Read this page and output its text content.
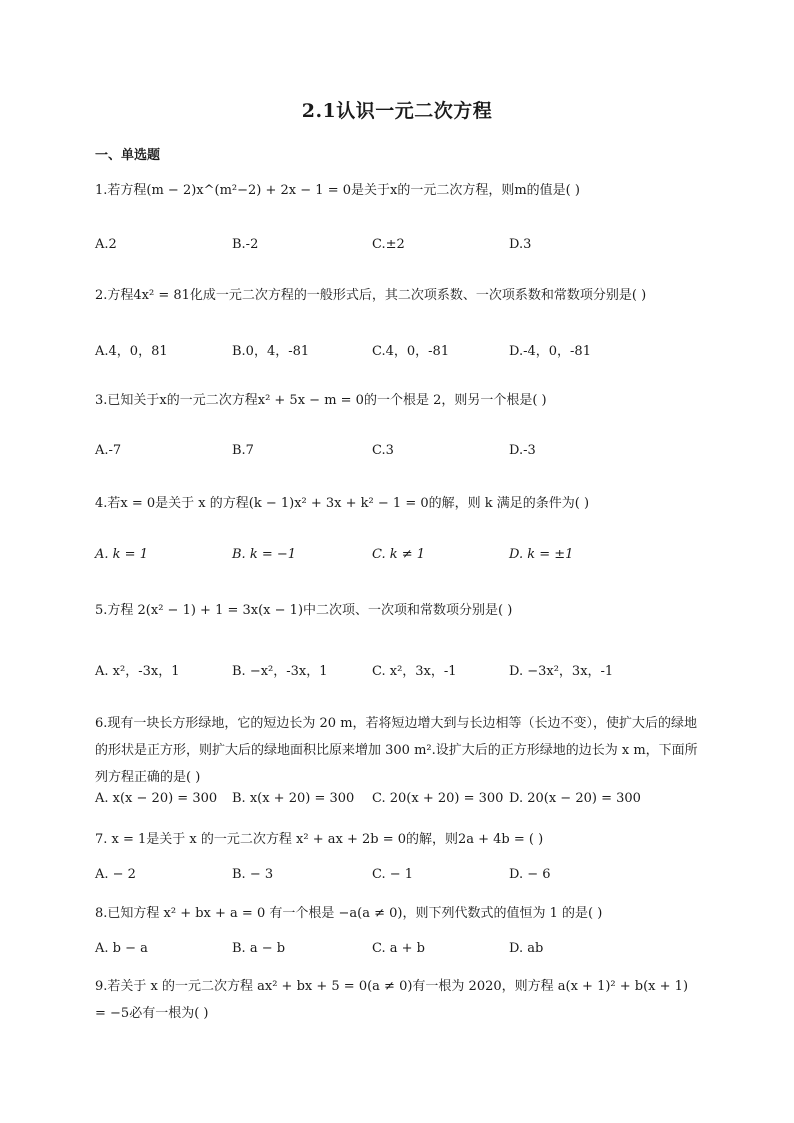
2.1认识一元二次方程
一、单选题
1.若方程(m − 2)x^(m²−2) + 2x − 1 = 0是关于x的一元二次方程，则m的值是( )
A.2	B.-2	C.±2	D.3
2.方程4x² = 81化成一元二次方程的一般形式后，其二次项系数、一次项系数和常数项分别是( )
A.4，0，81	B.0，4，-81	C.4，0，-81	D.-4，0，-81
3.已知关于x的一元二次方程x² + 5x − m = 0的一个根是 2，则另一个根是( )
A.-7	B.7	C.3	D.-3
4.若x = 0是关于 x 的方程(k − 1)x² + 3x + k² − 1 = 0的解，则 k 满足的条件为( )
A. k = 1	B. k = −1	C. k ≠ 1	D. k = ±1
5.方程 2(x² − 1) + 1 = 3x(x − 1)中二次项、一次项和常数项分别是( )
A. x²，-3x，1	B. −x²，-3x，1	C. x²，3x，-1	D. −3x²，3x，-1
6.现有一块长方形绿地，它的短边长为 20 m，若将短边增大到与长边相等（长边不变），使扩大后的绿地的形状是正方形，则扩大后的绿地面积比原来增加 300 m².设扩大后的正方形绿地的边长为 x m，下面所列方程正确的是( )
A. x(x − 20) = 300 B. x(x + 20) = 300 C. 20(x + 20) = 300 D. 20(x − 20) = 300
7. x = 1是关于 x 的一元二次方程 x² + ax + 2b = 0的解，则2a + 4b = ( )
A. − 2	B. − 3	C. − 1	D. − 6
8.已知方程 x² + bx + a = 0 有一个根是 −a(a ≠ 0)，则下列代数式的值恒为 1 的是( )
A. b − a	B. a − b	C. a + b	D. ab
9.若关于 x 的一元二次方程 ax² + bx + 5 = 0(a ≠ 0)有一根为 2020，则方程 a(x + 1)² + b(x + 1) = −5必有一根为( )
